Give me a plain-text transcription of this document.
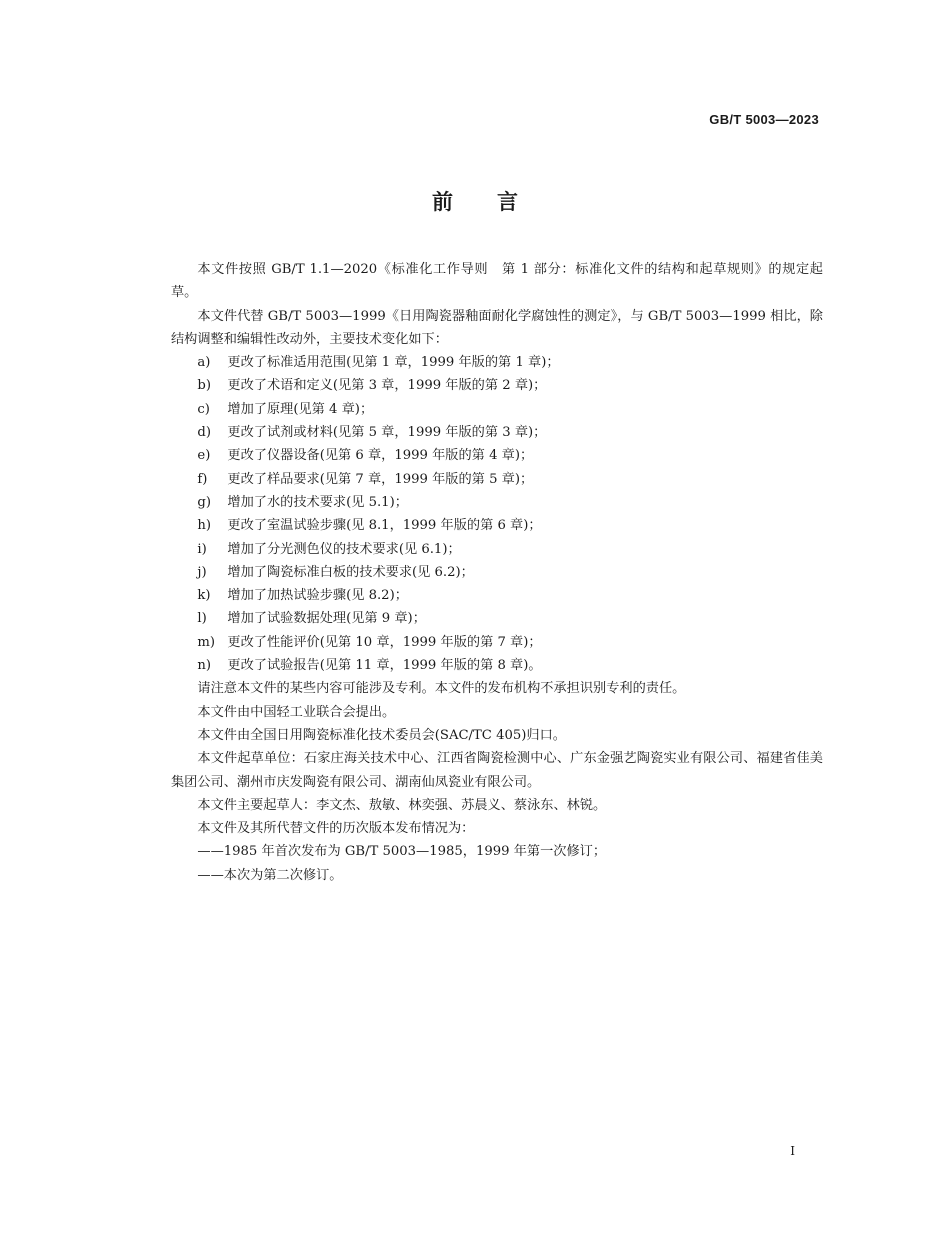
GB/T 5003—2023
前言

本文件按照 GB/T 1.1—2020《标准化工作导则　第 1 部分：标准化文件的结构和起草规则》的规定起草。

本文件代替 GB/T 5003—1999《日用陶瓷器釉面耐化学腐蚀性的测定》，与 GB/T 5003—1999 相比，除结构调整和编辑性改动外，主要技术变化如下：

a)	更改了标准适用范围(见第 1 章，1999 年版的第 1 章)；
b)	更改了术语和定义(见第 3 章，1999 年版的第 2 章)；
c)	增加了原理(见第 4 章)；
d)	更改了试剂或材料(见第 5 章，1999 年版的第 3 章)；
e)	更改了仪器设备(见第 6 章，1999 年版的第 4 章)；
f)	更改了样品要求(见第 7 章，1999 年版的第 5 章)；
g)	增加了水的技术要求(见 5.1)；
h)	更改了室温试验步骤(见 8.1，1999 年版的第 6 章)；
i)	增加了分光测色仪的技术要求(见 6.1)；
j)	增加了陶瓷标准白板的技术要求(见 6.2)；
k)	增加了加热试验步骤(见 8.2)；
l)	增加了试验数据处理(见第 9 章)；
m) 更改了性能评价(见第 10 章，1999 年版的第 7 章)；
n)	更改了试验报告(见第 11 章，1999 年版的第 8 章)。

请注意本文件的某些内容可能涉及专利。本文件的发布机构不承担识别专利的责任。

本文件由中国轻工业联合会提出。

本文件由全国日用陶瓷标准化技术委员会(SAC/TC 405)归口。

本文件起草单位：石家庄海关技术中心、江西省陶瓷检测中心、广东金强艺陶瓷实业有限公司、福建省佳美集团公司、潮州市庆发陶瓷有限公司、湖南仙凤瓷业有限公司。

本文件主要起草人：李文杰、敖敏、林奕强、苏晨义、蔡泳东、林锐。

本文件及其所代替文件的历次版本发布情况为：

——1985 年首次发布为 GB/T 5003—1985，1999 年第一次修订；

——本次为第二次修订。

I
